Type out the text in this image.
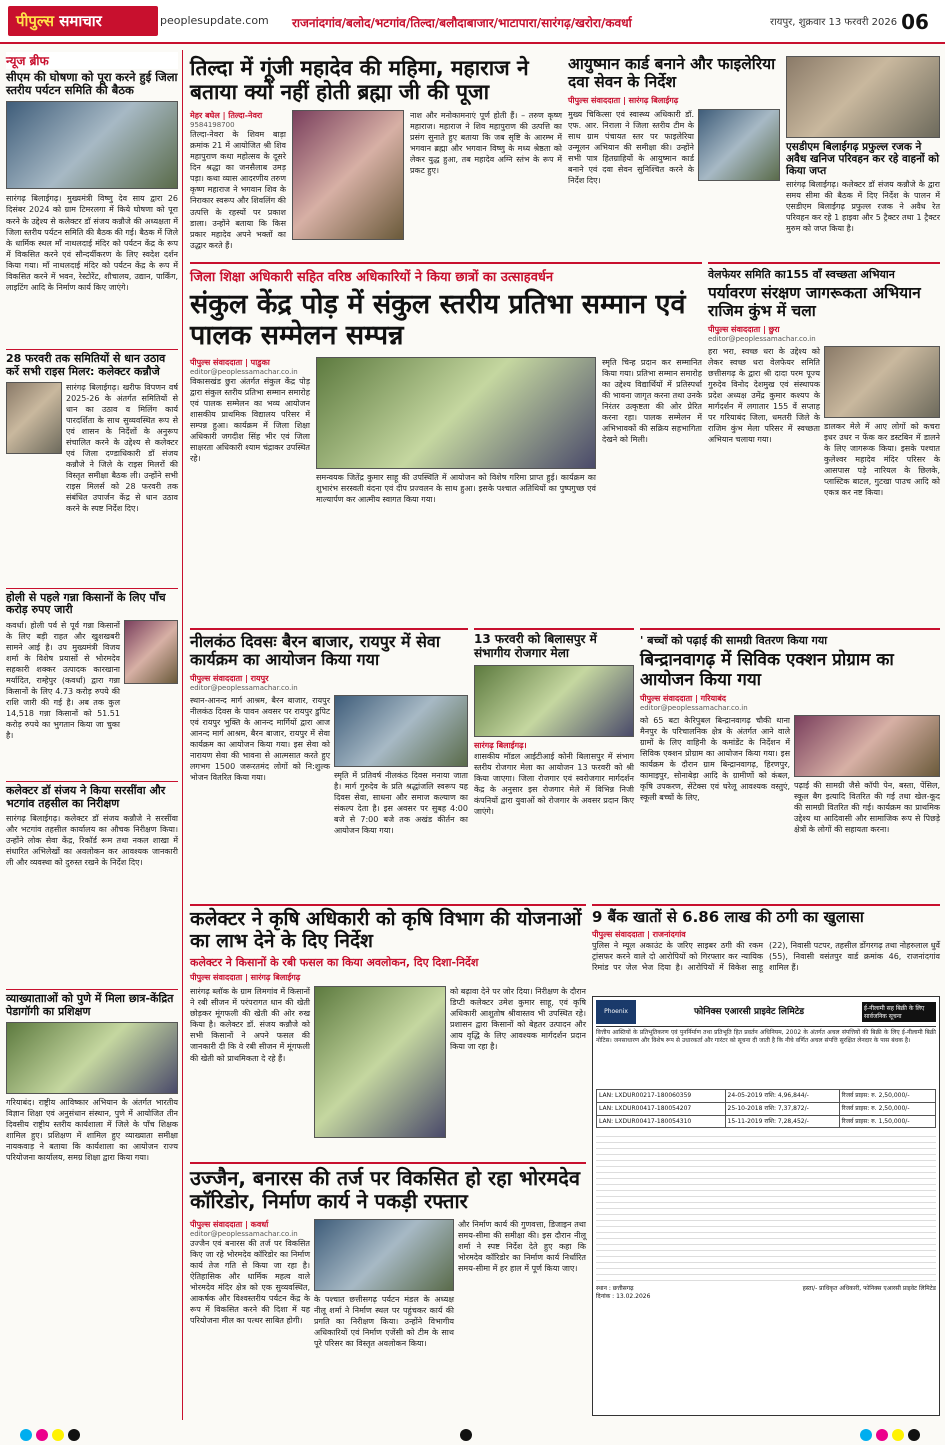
पीपुल्स समाचार	peoplesupdate.com राजनांदगांव/बलोद/भटगांव/तिल्दा/बलौदाबाजार/भाटापारा/सारंगढ़/खरोरा/कवर्धा	रायपुर, शुक्रवार 13 फरवरी 2026 06
न्यूज ब्रीफ
सीएम की घोषणा को पूरा करने हुई जिला स्तरीय पर्यटन समिति की बैठक
सारंगढ़ बिलाईगढ़। मुख्यमंत्री विष्णु देव साय द्वारा 26 दिसंबर 2024 को ग्राम टिमरलगा में किये घोषणा को पूरा करने के उद्देश्य से कलेक्टर डॉ संजय कन्नौजे की अध्यक्षता में जिला स्तरीय पर्यटन समिति की बैठक की गई। बैठक में जिले के धार्मिक स्थल माँ नाथलदाई मंदिर को पर्यटन केंद्र के रूप में विकसित करने एवं सौन्दर्यीकरण के लिए स्वदेश दर्शन किया गया। माँ नाथलदाई मंदिर को पर्यटन केंद्र के रूप में विकसित करने में भवन, रेस्टोरेंट, शौचालय, उद्यान, पार्किंग, लाइटिंग आदि के निर्माण कार्य किए जाएंगे।
28 फरवरी तक समितियों से धान उठाव कर्रे सभी राइस मिलर: कलेक्टर कन्नौजे
सारंगढ़ बिलाईगढ़। खरीफ विपणन वर्ष 2025-26 के अंतर्गत समितियों से धान का उठाव व मिलिंग कार्य पारदर्शिता के साथ सुव्यवस्थित रूप से एवं शासन के निर्देशों के अनुरूप संचालित करने के उद्देश्य से कलेक्टर एवं जिला दण्डाधिकारी डॉ संजय कन्नौजे ने जिले के राइस मिलरों की विस्तृत समीक्षा बैठक ली। उन्होंने सभी राइस मिलर्स को 28 फरवरी तक संबंधित उपार्जन केंद्र से धान उठाव करने के स्पष्ट निर्देश दिए।
होली से पहले गन्ना किसानों के लिए पाँच करोड़ रुपए जारी
कवर्धा। होली पर्व से पूर्व गन्ना किसानों के लिए बड़ी राहत और खुशखबरी सामने आई है। उप मुख्यमंत्री विजय शर्मा के विशेष प्रयासों से भोरमदेव सहकारी शक्कर उत्पादक कारखाना मर्यादित, राम्हेपुर (कवर्धा) द्वारा गन्ना किसानों के लिए 4.73 करोड़ रुपये की राशि जारी की गई है। अब तक कुल 14,518 गन्ना किसानों को 51.51 करोड़ रुपये का भुगतान किया जा चुका है।
कलेक्टर डॉ संजय ने किया सरसींवा और भटगांव तहसील का निरीक्षण
सारंगढ़ बिलाईगढ़। कलेक्टर डॉ संजय कन्नौजे ने सरसींवा और भटगांव तहसील कार्यालय का औचक निरीक्षण किया। उन्होंने लोक सेवा केंद्र, रिकॉर्ड रूम तथा नकल शाखा में संधारित अभिलेखों का अवलोकन कर आवश्यक जानकारी ली और व्यवस्था को दुरुस्त रखने के निर्देश दिए।
व्याख्यातााओं को पुणे में मिला छात्र-केंद्रित पेडागॉगी का प्रशिक्षण
गरियाबंद। राष्ट्रीय आविष्कार अभियान के अंतर्गत भारतीय विज्ञान शिक्षा एवं अनुसंधान संस्थान, पुणे में आयोजित तीन दिवसीय राष्ट्रीय स्तरीय कार्यशाला में जिले के पाँच शिक्षक शामिल हुए। प्रशिक्षण में शामिल हुए व्याख्याता समीक्षा नायकवाड़ ने बताया कि कार्यशाला का आयोजन राज्य परियोजना कार्यालय, समग्र शिक्षा द्वारा किया गया।
तिल्दा में गूंजी महादेव की महिमा, महाराज ने बताया क्यों नहीं होती ब्रह्मा जी की पूजा
मेहर बघेल | तिल्दा-नेवरा
9584198700
तिल्दा-नेवरा के शिवम बाड़ा क्रमांक 21 में आयोजित श्री शिव महापुराण कथा महोत्सव के दूसरे दिन श्रद्धा का जनसैलाब उमड़ पड़ा। कथा व्यास आदरणीय तरुण कृष्ण महाराज ने भगवान शिव के निराकार स्वरूप और शिवलिंग की उत्पत्ति के रहस्यों पर प्रकाश डाला। उन्होंने बताया कि किस प्रकार महादेव अपने भक्तों का उद्धार करते हैं।
नाश और मनोकामनाएं पूर्ण होती हैं। – तरुण कृष्ण महाराज। महाराज ने शिव महापुराण की उत्पत्ति का प्रसंग सुनाते हुए बताया कि जब सृष्टि के आरम्भ में भगवान ब्रह्मा और भगवान विष्णु के मध्य श्रेष्ठता को लेकर युद्ध हुआ, तब महादेव अग्नि स्तंभ के रूप में प्रकट हुए।
आयुष्मान कार्ड बनाने और फाइलेरिया दवा सेवन के निर्देश
पीपुल्स संवाददाता | सारंगढ़ बिलाईगढ़
मुख्य चिकित्सा एवं स्वास्थ्य अधिकारी डॉ. एफ. आर. निराला ने जिला स्तरीय टीम के साथ ग्राम पंचायत स्तर पर फाइलेरिया उन्मूलन अभियान की समीक्षा की। उन्होंने सभी पात्र हितग्राहियों के आयुष्मान कार्ड बनाने एवं दवा सेवन सुनिश्चित करने के निर्देश दिए।
एसडीएम बिलाईगढ़ प्रफुल्ल रजक ने अवैध खनिज परिवहन कर रहे वाहनों को किया जप्त
सारंगढ़ बिलाईगढ़। कलेक्टर डॉ संजय कन्नौजे के द्वारा समय सीमा की बैठक में दिए निर्देश के पालन में एसडीएम बिलाईगढ़ प्रफुल्ल रजक ने अवैध रेत परिवहन कर रहे 1 हाइवा और 5 ट्रैक्टर तथा 1 ट्रैक्टर मुरुम को जप्त किया है।
जिला शिक्षा अधिकारी सहित वरिष्ठ अधिकारियों ने किया छात्रों का उत्साहवर्धन
संकुल केंद्र पोड़ में संकुल स्तरीय प्रतिभा सम्मान एवं पालक सम्मेलन सम्पन्न
पीपुल्स संवाददाता | पाडुका
editor@peoplessamachar.co.in
विकासखंड छुरा अंतर्गत संकुल केंद्र पोड़ द्वारा संकुल स्तरीय प्रतिभा सम्मान समारोह एवं पालक सम्मेलन का भव्य आयोजन शासकीय प्राथमिक विद्यालय परिसर में सम्पन्न हुआ। कार्यक्रम में जिला शिक्षा अधिकारी जगदीश सिंह भीर एवं जिला साक्षरता अधिकारी श्याम चंद्राकर उपस्थित रहे।
समन्वयक जितेंद्र कुमार साहू की उपस्थिति में आयोजन को विशेष गरिमा प्राप्त हुई। कार्यक्रम का शुभारंभ सरस्वती वंदना एवं दीप प्रज्वलन के साथ हुआ। इसके पश्चात अतिथियों का पुष्पगुच्छ एवं माल्यार्पण कर आत्मीय स्वागत किया गया।
स्मृति चिन्ह प्रदान कर सम्मानित किया गया। प्रतिभा सम्मान समारोह का उद्देश्य विद्यार्थियों में प्रतिस्पर्धा की भावना जागृत करना तथा उनके निरंतर उत्कृष्टता की ओर प्रेरित करना रहा। पालक सम्मेलन में अभिभावकों की सक्रिय सहभागिता देखने को मिली।
वेलफेयर समिति का155 वाँ स्वच्छता अभियान
पर्यावरण संरक्षण जागरूकता अभियान राजिम कुंभ में चला
पीपुल्स संवाददाता | छुरा
editor@peoplessamachar.co.in
हरा भरा, स्वच्छ धरा के उद्देश्य को लेकर स्वच्छ धरा वेलफेयर समिति छत्तीसगढ़ के द्वारा श्री दादा परम पूज्य गुरुदेव विनोद देशमुख एवं संस्थापक प्रदेश अध्यक्ष उमेंद्र कुमार कश्यप के मार्गदर्शन में लगातार 155 वें सप्ताह पर गरियाबंद जिला, धमतरी जिले के राजिम कुंभ मेला परिसर में स्वच्छता अभियान चलाया गया।
डालकर मेले में आए लोगों को कचरा इधर उधर न फेंक कर डस्टबिन में डालने के लिए जागरूक किया। इसके पश्चात कुलेश्वर महादेव मंदिर परिसर के आसपास पड़े नारियल के छिलके, प्लास्टिक बाटल, गुटखा पाउच आदि को एकत्र कर नष्ट किया।
नीलकंठ दिवसः बैरन बाजार, रायपुर में सेवा कार्यक्रम का आयोजन किया गया
पीपुल्स संवाददाता | रायपुर
editor@peoplessamachar.co.in
स्थान-आनन्द मार्ग आश्रम, बैरन बाजार, रायपुर नीलकंठ दिवस के पावन अवसर पर रायपुर डुपिट एवं रायपुर भुक्ति के आनन्द मार्गियों द्वारा आज आनन्द मार्ग आश्रम, बैरन बाजार, रायपुर में सेवा कार्यक्रम का आयोजन किया गया। इस सेवा को नारायण सेवा की भावना से आत्मसात करते हुए लगभग 1500 जरूरतमंद लोगों को नि:शुल्क भोजन वितरित किया गया।	स्मृति में प्रतिवर्ष नीलकंठ दिवस मनाया जाता है। मार्ग गुरुदेव के प्रति श्रद्धांजलि स्वरूप यह दिवस सेवा, साधना और समाज कल्याण का संकल्प देता है। इस अवसर पर सुबह 4:00 बजे से 7:00 बजे तक अखंड कीर्तन का आयोजन किया गया।
13 फरवरी को बिलासपुर में संभागीय रोजगार मेला
सारंगढ़ बिलाईगढ़।
शासकीय मॉडल आईटीआई कोनी बिलासपुर में संभाग स्तरीय रोजगार मेला का आयोजन 13 फरवरी को श्री किया जाएगा। जिला रोजगार एवं स्वरोजगार मार्गदर्शन केंद्र के अनुसार इस रोजगार मेले में विभिन्न निजी कंपनियों द्वारा युवाओं को रोजगार के अवसर प्रदान किए जाएंगे।
' बच्चों को पढ़ाई की सामग्री वितरण किया गया
बिन्द्रानवागढ़ में सिविक एक्शन प्रोग्राम का आयोजन किया गया
पीपुल्स संवाददाता | गरियाबंद
editor@peoplessamachar.co.in
को 65 बटा केरिपुबल बिन्द्रानवागढ़ चौकी थाना मैनपुर के परिचालनिक क्षेत्र के अंतर्गत आने वाले ग्रामों के लिए वाहिनी के कमांडेंट के निर्देशन में सिविक एक्शन प्रोग्राम का आयोजन किया गया। इस कार्यक्रम के दौरान ग्राम बिन्द्रानवागढ़, हिरणपुर, कामाइपुर, सोनाबेड़ा आदि के ग्रामीणों को कंबल, कृषि उपकरण, सेंटेक्स एवं घरेलू आवश्यक वस्तुएं, स्कूली बच्चों के लिए,
पढ़ाई की सामग्री जैसे कॉपी पेन, बस्ता, पेंसिल, स्कूल बैग इत्यादि वितरित की गई तथा खेल-कूद की सामग्री वितरित की गई। कार्यक्रम का प्राथमिक उद्देश्य था आदिवासी और सामाजिक रूप से पिछड़े क्षेत्रों के लोगों की सहायता करना।
कलेक्टर ने कृषि अधिकारी को कृषि विभाग की योजनाओं का लाभ देने के दिए निर्देश
कलेक्टर ने किसानों के रबी फसल का किया अवलोकन, दिए दिशा-निर्देश
पीपुल्स संवाददाता | सारंगढ़ बिलाईगढ़
सारंगढ़ ब्लॉक के ग्राम लिमगांव में किसानों ने रबी सीजन में परंपरागत धान की खेती छोड़कर मूंगफली की खेती की ओर रुख किया है। कलेक्टर डॉ. संजय कन्नौजे को सभी किसानों ने अपने फसल की जानकारी दी कि वे रबी सीजन में मूंगफली की खेती को प्राथमिकता दे रहे हैं।
को बढ़ावा देने पर जोर दिया। निरीक्षण के दौरान डिप्टी कलेक्टर उमेश कुमार साहू, एवं कृषि अधिकारी आशुतोष श्रीवास्तव भी उपस्थित रहे। प्रशासन द्वारा किसानों को बेहतर उत्पादन और आय वृद्धि के लिए आवश्यक मार्गदर्शन प्रदान किया जा रहा है।
9 बैंक खातों से 6.86 लाख की ठगी का खुलासा
पीपुल्स संवाददाता | राजनांदगांव
पुलिस ने म्यूल अकाउंट के जरिए साइबर ठगी की रकम ट्रांसफर करने वाले दो आरोपियों को गिरफ्तार कर न्यायिक रिमांड पर जेल भेज दिया है। आरोपियों में विकेश साहू (22), निवासी पटपर, तहसील डोंगरगढ़ तथा नोहरुलाल धुर्वे (55), निवासी वसंतपुर वार्ड क्रमांक 46, राजनांदगांव शामिल हैं।
Phoenix	फोनिक्स एआरसी प्राइवेट लिमिटेड	ई-नीलामी सह बिक्री के लिए सार्वजनिक सूचना
वित्तीय आस्तियों के प्रतिभूतिकरण एवं पुनर्निर्माण तथा प्रतिभूति हित प्रवर्तन अधिनियम, 2002 के अंतर्गत अचल संपत्तियों की बिक्री के लिए ई-नीलामी बिक्री नोटिस। जनसाधारण और विशेष रूप से उधारकर्ता और गारंटर को सूचना दी जाती है कि नीचे वर्णित अचल संपत्ति सुरक्षित लेनदार के पास बंधक है।
LAN: LXDUR00217-180060359	24-05-2019 राशि: 4,96,844/-	रिजर्व प्राइस: रु. 2,50,000/-
LAN: LXDUR00417-180054207	25-10-2018 राशि: 7,37,872/-	रिजर्व प्राइस: रु. 2,50,000/-
LAN: LXDUR00417-180054310	15-11-2019 राशि: 7,28,452/-	रिजर्व प्राइस: रु. 1,50,000/-
स्थान : छत्तीसगढ़
दिनांक : 13.02.2026
हस्ता/- प्राधिकृत अधिकारी, फोनिक्स एआरसी प्राइवेट लिमिटेड
उज्जैन, बनारस की तर्ज पर विकसित हो रहा भोरमदेव कॉरिडोर, निर्माण कार्य ने पकड़ी रफ्तार
पीपुल्स संवाददाता | कवर्धा
editor@peoplessamachar.co.in
उज्जैन एवं बनारस की तर्ज पर विकसित किए जा रहे भोरमदेव कॉरिडोर का निर्माण कार्य तेज गति से किया जा रहा है। ऐतिहासिक और धार्मिक महत्व वाले भोरमदेव मंदिर क्षेत्र को एक सुव्यवस्थित, आकर्षक और विश्वस्तरीय पर्यटन केंद्र के रूप में विकसित करने की दिशा में यह परियोजना मील का पत्थर साबित होगी।
के पश्चात छत्तीसगढ़ पर्यटन मंडल के अध्यक्ष नीलू शर्मा ने निर्माण स्थल पर पहुंचकर कार्य की प्रगति का निरीक्षण किया। उन्होंने विभागीय अधिकारियों एवं निर्माण एजेंसी को टीम के साथ पूरे परिसर का विस्तृत अवलोकन किया।
और निर्माण कार्य की गुणवत्ता, डिजाइन तथा समय-सीमा की समीक्षा की। इस दौरान नीलू शर्मा ने स्पष्ट निर्देश देते हुए कहा कि भोरमदेव कॉरिडोर का निर्माण कार्य निर्धारित समय-सीमा में हर हाल में पूर्ण किया जाए।
